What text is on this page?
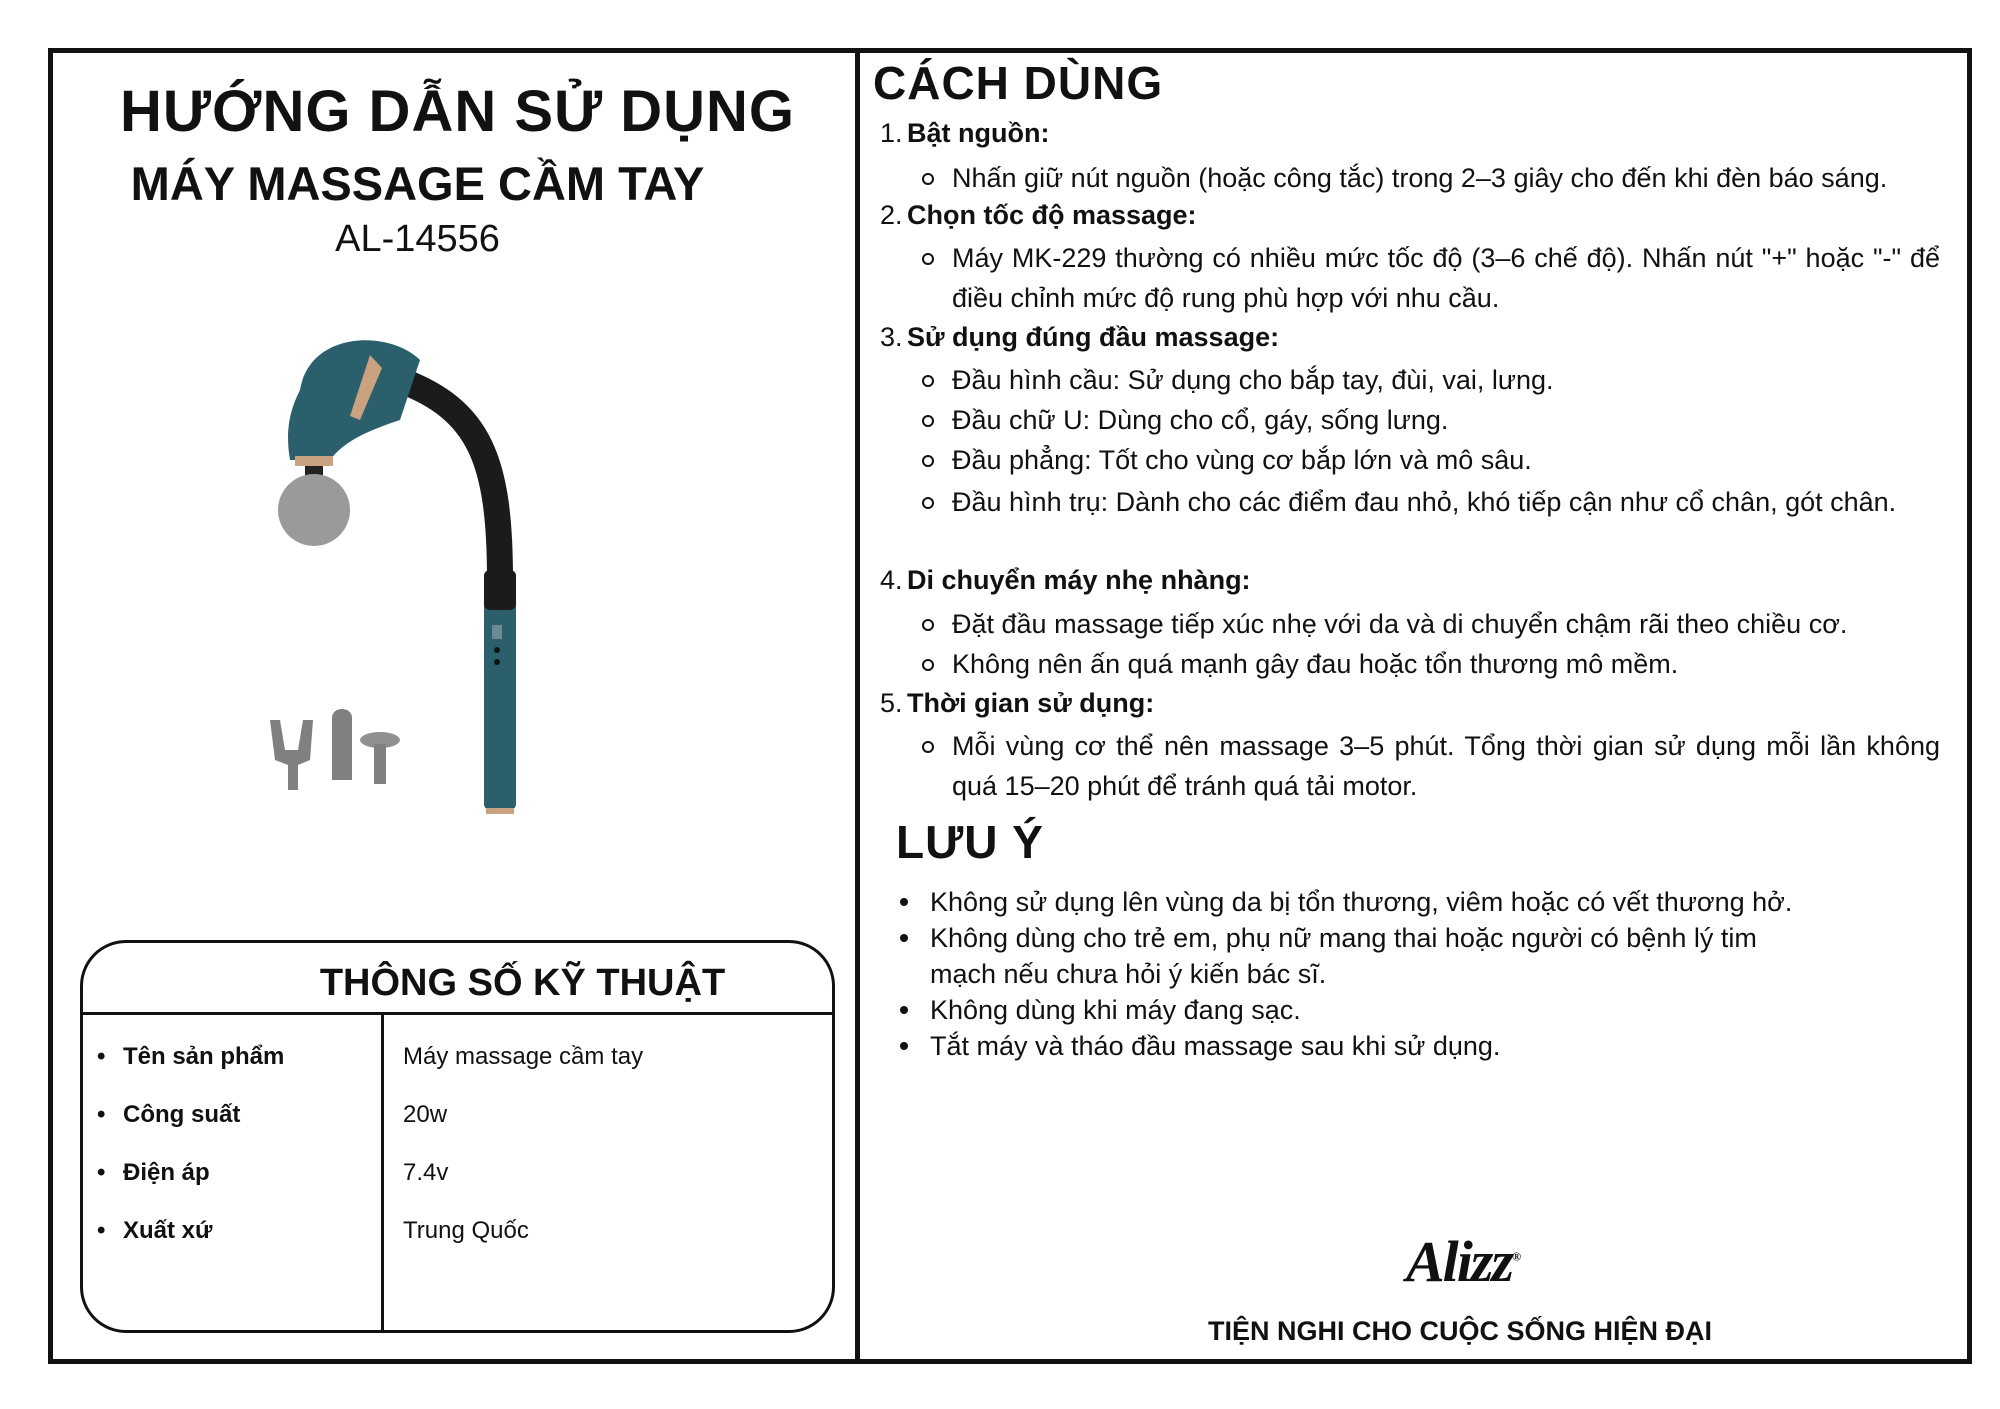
HƯỚNG DẪN SỬ DỤNG
MÁY MASSAGE CẦM TAY
AL-14556
THÔNG SỐ KỸ THUẬT
• Tên sản phẩm	Máy massage cầm tay
• Công suất	20w
• Điện áp	7.4v
• Xuất xứ	Trung Quốc
CÁCH DÙNG
1. Bật nguồn:
Nhấn giữ nút nguồn (hoặc công tắc) trong 2–3 giây cho đến khi đèn báo sáng.
2. Chọn tốc độ massage:
Máy MK-229 thường có nhiều mức tốc độ (3–6 chế độ). Nhấn nút "+" hoặc "-" để điều chỉnh mức độ rung phù hợp với nhu cầu.
3. Sử dụng đúng đầu massage:
Đầu hình cầu: Sử dụng cho bắp tay, đùi, vai, lưng.
Đầu chữ U: Dùng cho cổ, gáy, sống lưng.
Đầu phẳng: Tốt cho vùng cơ bắp lớn và mô sâu.
Đầu hình trụ: Dành cho các điểm đau nhỏ, khó tiếp cận như cổ chân, gót chân.
4. Di chuyển máy nhẹ nhàng:
Đặt đầu massage tiếp xúc nhẹ với da và di chuyển chậm rãi theo chiều cơ.
Không nên ấn quá mạnh gây đau hoặc tổn thương mô mềm.
5. Thời gian sử dụng:
Mỗi vùng cơ thể nên massage 3–5 phút. Tổng thời gian sử dụng mỗi lần không quá 15–20 phút để tránh quá tải motor.
LƯU Ý
Không sử dụng lên vùng da bị tổn thương, viêm hoặc có vết thương hở.
Không dùng cho trẻ em, phụ nữ mang thai hoặc người có bệnh lý tim mạch nếu chưa hỏi ý kiến bác sĩ.
Không dùng khi máy đang sạc.
Tắt máy và tháo đầu massage sau khi sử dụng.
Alizz®
TIỆN NGHI CHO CUỘC SỐNG HIỆN ĐẠI
